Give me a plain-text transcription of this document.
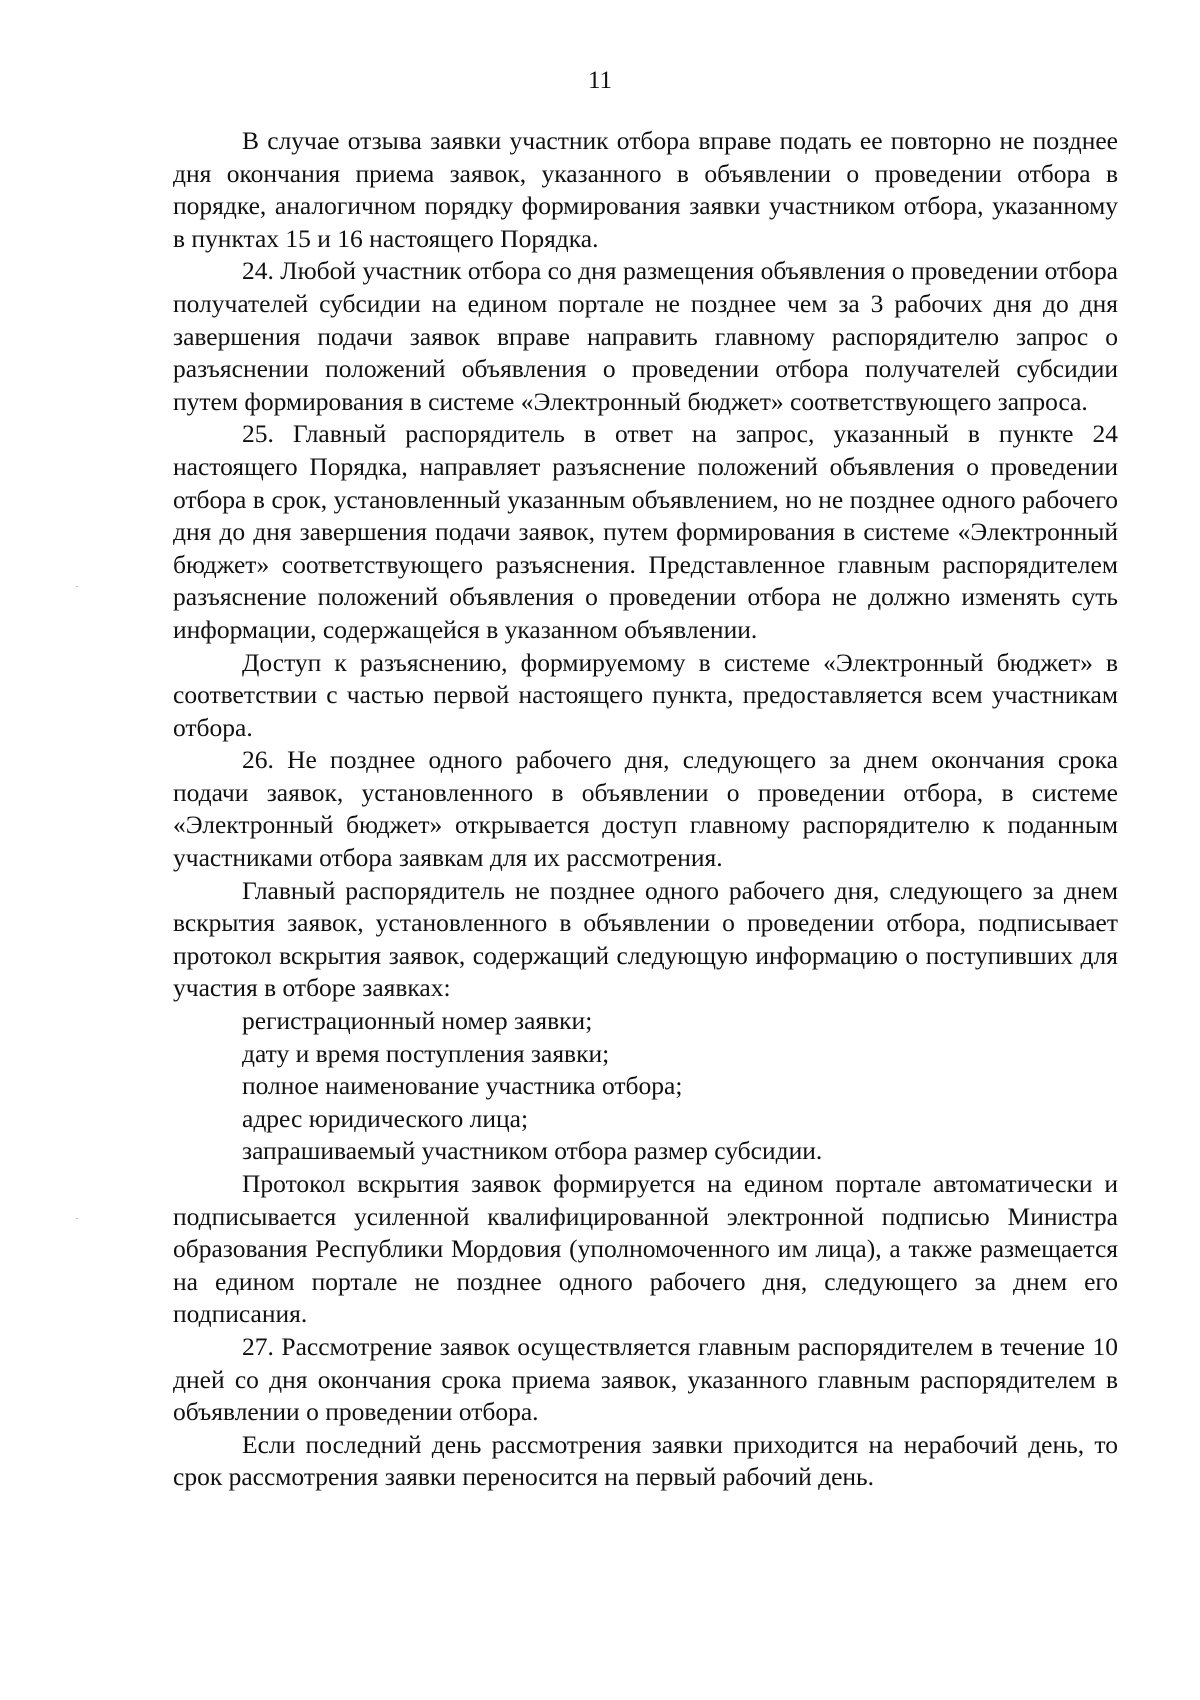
11

В случае отзыва заявки участник отбора вправе подать ее повторно не позднее дня окончания приема заявок, указанного в объявлении о проведении отбора в порядке, аналогичном порядку формирования заявки участником отбора, указанному в пунктах 15 и 16 настоящего Порядка.

24. Любой участник отбора со дня размещения объявления о проведении отбора получателей субсидии на едином портале не позднее чем за 3 рабочих дня до дня завершения подачи заявок вправе направить главному распорядителю запрос о разъяснении положений объявления о проведении отбора получателей субсидии путем формирования в системе «Электронный бюджет» соответствующего запроса.

25. Главный распорядитель в ответ на запрос, указанный в пункте 24 настоящего Порядка, направляет разъяснение положений объявления о проведении отбора в срок, установленный указанным объявлением, но не позднее одного рабочего дня до дня завершения подачи заявок, путем формирования в системе «Электронный бюджет» соответствующего разъяснения. Представленное главным распорядителем разъяснение положений объявления о проведении отбора не должно изменять суть информации, содержащейся в указанном объявлении.

Доступ к разъяснению, формируемому в системе «Электронный бюджет» в соответствии с частью первой настоящего пункта, предоставляется всем участникам отбора.

26. Не позднее одного рабочего дня, следующего за днем окончания срока подачи заявок, установленного в объявлении о проведении отбора, в системе «Электронный бюджет» открывается доступ главному распорядителю к поданным участниками отбора заявкам для их рассмотрения.

Главный распорядитель не позднее одного рабочего дня, следующего за днем вскрытия заявок, установленного в объявлении о проведении отбора, подписывает протокол вскрытия заявок, содержащий следующую информацию о поступивших для участия в отборе заявках:

регистрационный номер заявки;

дату и время поступления заявки;

полное наименование участника отбора;

адрес юридического лица;

запрашиваемый участником отбора размер субсидии.

Протокол вскрытия заявок формируется на едином портале автоматически и подписывается усиленной квалифицированной электронной подписью Министра образования Республики Мордовия (уполномоченного им лица), а также размещается на едином портале не позднее одного рабочего дня, следующего за днем его подписания.

27. Рассмотрение заявок осуществляется главным распорядителем в течение 10 дней со дня окончания срока приема заявок, указанного главным распорядителем в объявлении о проведении отбора.

Если последний день рассмотрения заявки приходится на нерабочий день, то срок рассмотрения заявки переносится на первый рабочий день.
